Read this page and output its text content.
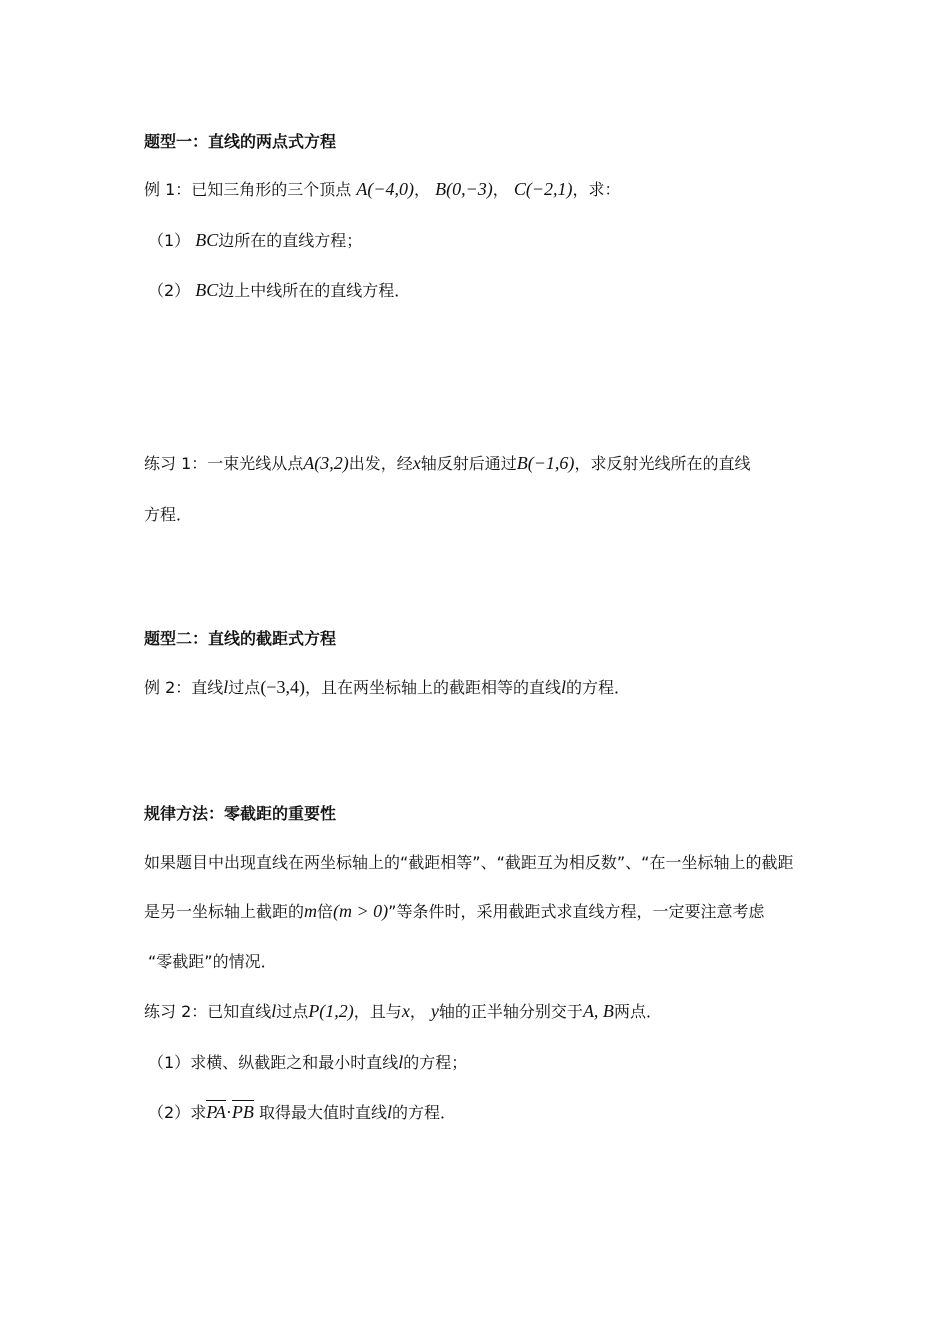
题型一：直线的两点式方程
例 1：已知三角形的三个顶点 A(−4,0)， B(0,−3)， C(−2,1)，求：
（1） BC边所在的直线方程；
（2） BC边上中线所在的直线方程．
练习 1：一束光线从点A(3,2)出发，经x轴反射后通过B(−1,6)，求反射光线所在的直线
方程．
题型二：直线的截距式方程
例 2：直线l过点(−3,4)，且在两坐标轴上的截距相等的直线l的方程．
规律方法：零截距的重要性
如果题目中出现直线在两坐标轴上的“截距相等”、“截距互为相反数”、“在一坐标轴上的截距
是另一坐标轴上截距的m倍(m > 0)”等条件时，采用截距式求直线方程，一定要注意考虑
“零截距”的情况．
练习 2：已知直线l过点P(1,2)，且与x， y轴的正半轴分别交于A, B两点．
（1）求横、纵截距之和最小时直线l的方程；
（2）求PA·PB 取得最大值时直线l的方程．
